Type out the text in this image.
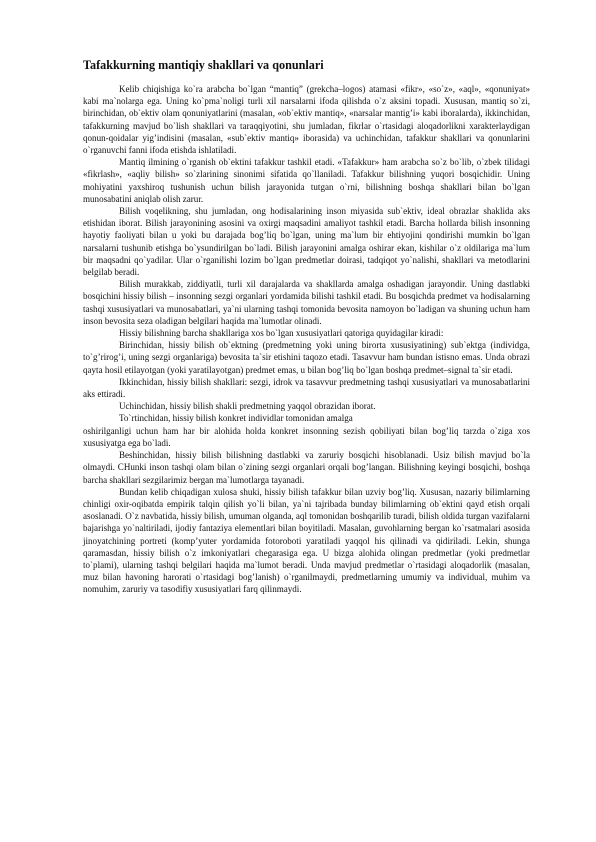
Tafakkurning mantiqiy shakllari va qonunlari

Kelib chiqishiga ko`ra arabcha bo`lgan “mantiq” (grekcha–logos) atamasi «fikr», «so`z», «aql», «qonuniyat» kabi ma`nolarga ega. Uning ko`pma`noligi turli xil narsalarni ifoda qilishda o`z aksini topadi. Xususan, mantiq so`zi, birinchidan, ob`ektiv olam qonuniyatlarini (masalan, «ob`ektiv mantiq», «narsalar mantig’i» kabi iboralarda), ikkinchidan, tafakkurning mavjud bo`lish shakllari va taraqqiyotini, shu jumladan, fikrlar o`rtasidagi aloqadorlikni xarakterlaydigan qonun-qoidalar yig’indisini (masalan, «sub`ektiv mantiq» iborasida) va uchinchidan, tafakkur shakllari va qonunlarini o`rganuvchi fanni ifoda etishda ishlatiladi.

Mantiq ilmining o`rganish ob`ektini tafakkur tashkil etadi. «Tafakkur» ham arabcha so`z bo`lib, o`zbek tilidagi «fikrlash», «aqliy bilish» so`zlarining sinonimi sifatida qo`llaniladi. Tafakkur bilishning yuqori bosqichidir. Uning mohiyatini yaxshiroq tushunish uchun bilish jarayonida tutgan o`rni, bilishning boshqa shakllari bilan bo`lgan munosabatini aniqlab olish zarur.

Bilish voqelikning, shu jumladan, ong hodisalarining inson miyasida sub`ektiv, ideal obrazlar shaklida aks etishidan iborat. Bilish jarayonining asosini va oxirgi maqsadini amaliyot tashkil etadi. Barcha hollarda bilish insonning hayotiy faoliyati bilan u yoki bu darajada bog’liq bo`lgan, uning ma`lum bir ehtiyojini qondirishi mumkin bo`lgan narsalarni tushunib etishga bo`ysundirilgan bo`ladi. Bilish jarayonini amalga oshirar ekan, kishilar o`z oldilariga ma`lum bir maqsadni qo`yadilar. Ular o`rganilishi lozim bo`lgan predmetlar doirasi, tadqiqot yo`nalishi, shakllari va metodlarini belgilab beradi.

Bilish murakkab, ziddiyatli, turli xil darajalarda va shakllarda amalga oshadigan jarayondir. Uning dastlabki bosqichini hissiy bilish – insonning sezgi organlari yordamida bilishi tashkil etadi. Bu bosqichda predmet va hodisalarning tashqi xususiyatlari va munosabatlari, ya`ni ularning tashqi tomonida bevosita namoyon bo`ladigan va shuning uchun ham inson bevosita seza oladigan belgilari haqida ma`lumotlar olinadi.

Hissiy bilishning barcha shakllariga xos bo`lgan xususiyatlari qatoriga quyidagilar kiradi:

Birinchidan, hissiy bilish ob`ektning (predmetning yoki uning birorta xususiyatining) sub`ektga (individga, to`g’rirog’i, uning sezgi organlariga) bevosita ta`sir etishini taqozo etadi. Tasavvur ham bundan istisno emas. Unda obrazi qayta hosil etilayotgan (yoki yaratilayotgan) predmet emas, u bilan bog’liq bo`lgan boshqa predmet–signal ta`sir etadi.

Ikkinchidan, hissiy bilish shakllari: sezgi, idrok va tasavvur predmetning tashqi xususiyatlari va munosabatlarini aks ettiradi.

Uchinchidan, hissiy bilish shakli predmetning yaqqol obrazidan iborat.

To`rtinchidan, hissiy bilish konkret individlar tomonidan amalga

oshirilganligi uchun ham har bir alohida holda konkret insonning sezish qobiliyati bilan bog’liq tarzda o`ziga xos xususiyatga ega bo`ladi.

Beshinchidan, hissiy bilish bilishning dastlabki va zaruriy bosqichi hisoblanadi. Usiz bilish mavjud bo`la olmaydi. CHunki inson tashqi olam bilan o`zining sezgi organlari orqali bog’langan. Bilishning keyingi bosqichi, boshqa barcha shakllari sezgilarimiz bergan ma`lumotlarga tayanadi.

Bundan kelib chiqadigan xulosa shuki, hissiy bilish tafakkur bilan uzviy bog’liq. Xususan, nazariy bilimlarning chinligi oxir-oqibatda empirik talqin qilish yo`li bilan, ya`ni tajribada bunday bilimlarning ob`ektini qayd etish orqali asoslanadi. O`z navbatida, hissiy bilish, umuman olganda, aql tomonidan boshqarilib turadi, bilish oldida turgan vazifalarni bajarishga yo`naltiriladi, ijodiy fantaziya elementlari bilan boyitiladi. Masalan, guvohlarning bergan ko`rsatmalari asosida jinoyatchining portreti (komp’yuter yordamida fotoroboti yaratiladi yaqqol his qilinadi va qidiriladi. Lekin, shunga qaramasdan, hissiy bilish o`z imkoniyatlari chegarasiga ega. U bizga alohida olingan predmetlar (yoki predmetlar to`plami), ularning tashqi belgilari haqida ma`lumot beradi. Unda mavjud predmetlar o`rtasidagi aloqadorlik (masalan, muz bilan havoning harorati o`rtasidagi bog’lanish) o`rganilmaydi, predmetlarning umumiy va individual, muhim va nomuhim, zaruriy va tasodifiy xususiyatlari farq qilinmaydi.
